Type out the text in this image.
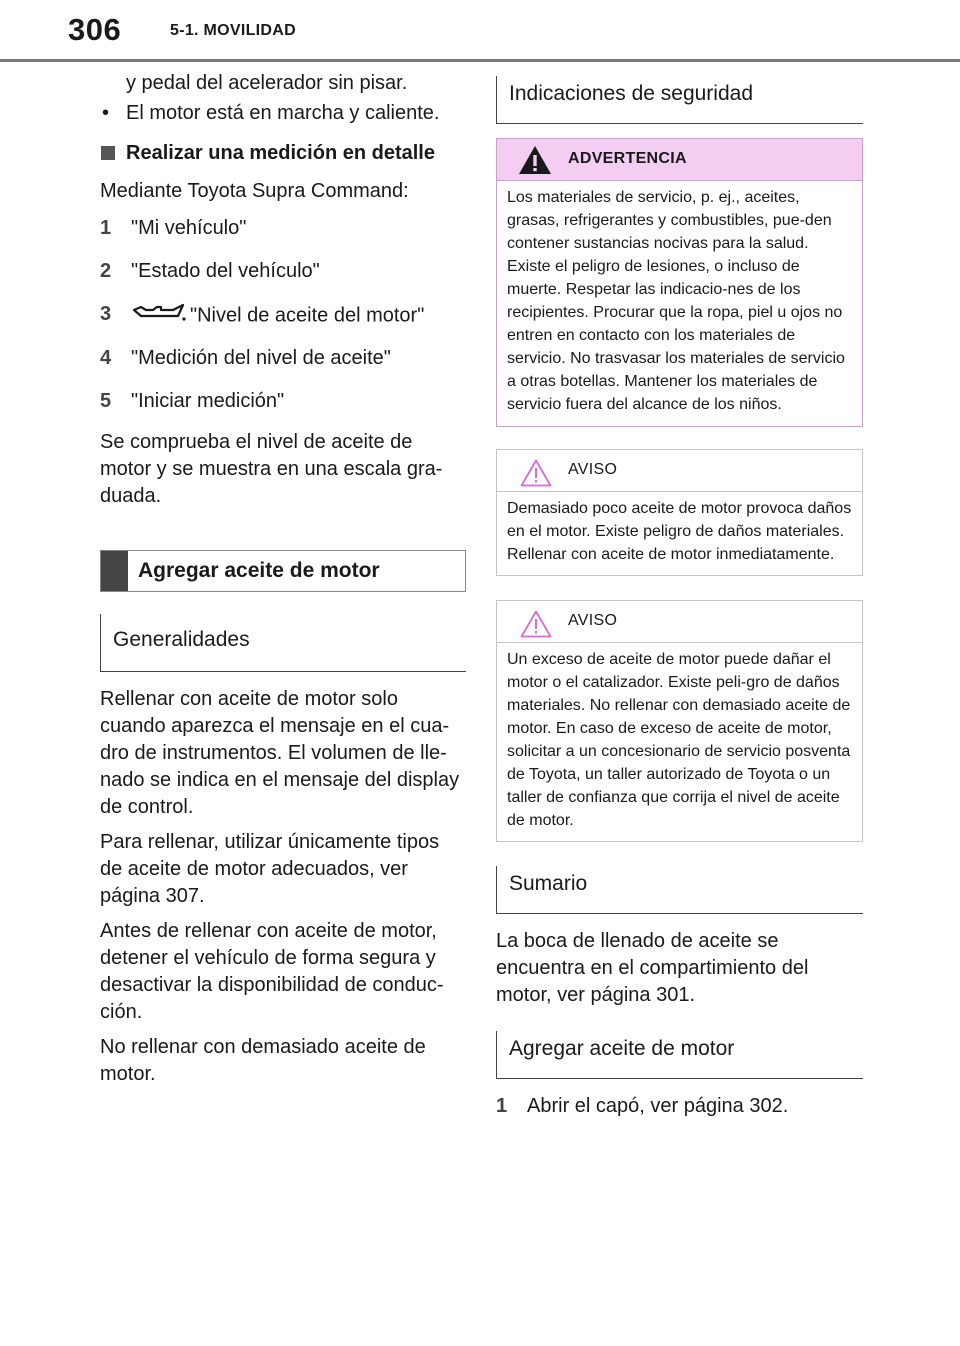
306	5-1. MOVILIDAD
y pedal del acelerador sin pisar.
• El motor está en marcha y caliente.
Realizar una medición en detalle
Mediante Toyota Supra Command:
1 "Mi vehículo"
2 "Estado del vehículo"
3	"Nivel de aceite del motor"
4 "Medición del nivel de aceite"
5 "Iniciar medición"
Se comprueba el nivel de aceite de motor y se muestra en una escala gra-duada.
Agregar aceite de motor
Generalidades
Rellenar con aceite de motor solo cuando aparezca el mensaje en el cua-dro de instrumentos. El volumen de lle-nado se indica en el mensaje del display de control.
Para rellenar, utilizar únicamente tipos de aceite de motor adecuados, ver página 307.
Antes de rellenar con aceite de motor, detener el vehículo de forma segura y desactivar la disponibilidad de conduc-ción.
No rellenar con demasiado aceite de motor.
Indicaciones de seguridad
ADVERTENCIA
Los materiales de servicio, p. ej., aceites, grasas, refrigerantes y combustibles, pue-den contener sustancias nocivas para la salud. Existe el peligro de lesiones, o incluso de muerte. Respetar las indicacio-nes de los recipientes. Procurar que la ropa, piel u ojos no entren en contacto con los materiales de servicio. No trasvasar los materiales de servicio a otras botellas. Mantener los materiales de servicio fuera del alcance de los niños.
AVISO
Demasiado poco aceite de motor provoca daños en el motor. Existe peligro de daños materiales. Rellenar con aceite de motor inmediatamente.
AVISO
Un exceso de aceite de motor puede dañar el motor o el catalizador. Existe peli-gro de daños materiales. No rellenar con demasiado aceite de motor. En caso de exceso de aceite de motor, solicitar a un concesionario de servicio posventa de Toyota, un taller autorizado de Toyota o un taller de confianza que corrija el nivel de aceite de motor.
Sumario
La boca de llenado de aceite se encuentra en el compartimiento del motor, ver página 301.
Agregar aceite de motor
1 Abrir el capó, ver página 302.
